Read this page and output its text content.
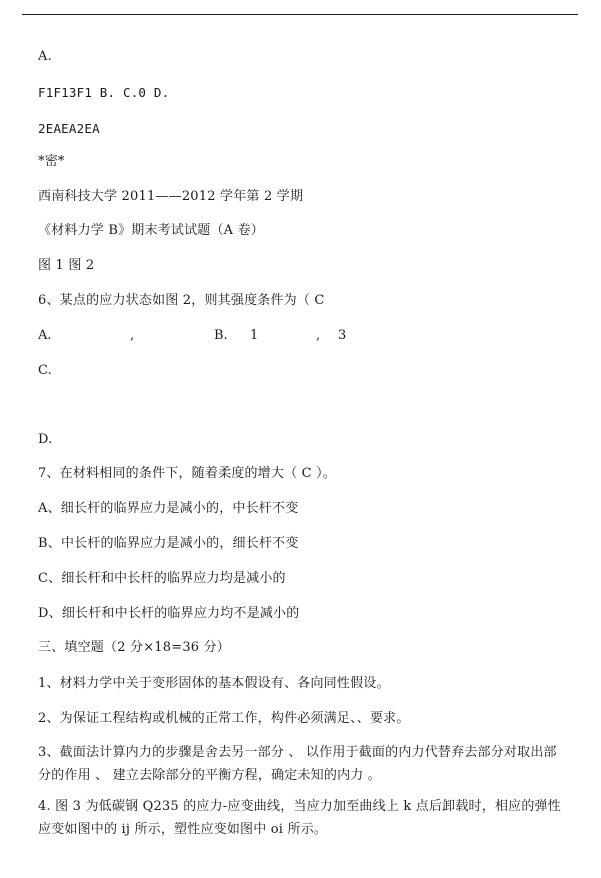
A.
F1F13F1 B. C.0 D.
2EAEA2EA
*密*
西南科技大学 2011——2012 学年第 2 学期
《材料力学 B》期末考试试题（A 卷）
图 1 图 2
6、某点的应力状态如图 2，则其强度条件为（ C
A.	,	B. 1	, 3
C.
D.
7、在材料相同的条件下，随着柔度的增大（ C ）。
A、细长杆的临界应力是减小的，中长杆不变
B、中长杆的临界应力是减小的，细长杆不变
C、细长杆和中长杆的临界应力均是减小的
D、细长杆和中长杆的临界应力均不是减小的
三、填空题（2 分×18=36 分）
1、材料力学中关于变形固体的基本假设有、各向同性假设。
2、为保证工程结构或机械的正常工作，构件必须满足、、要求。
3、截面法计算内力的步骤是舍去另一部分 、 以作用于截面的内力代替弃去部分对取出部分的作用 、 建立去除部分的平衡方程，确定未知的内力 。
4. 图 3 为低碳钢 Q235 的应力-应变曲线，当应力加至曲线上 k 点后卸载时，相应的弹性应变如图中的 ij 所示，塑性应变如图中 oi 所示。
